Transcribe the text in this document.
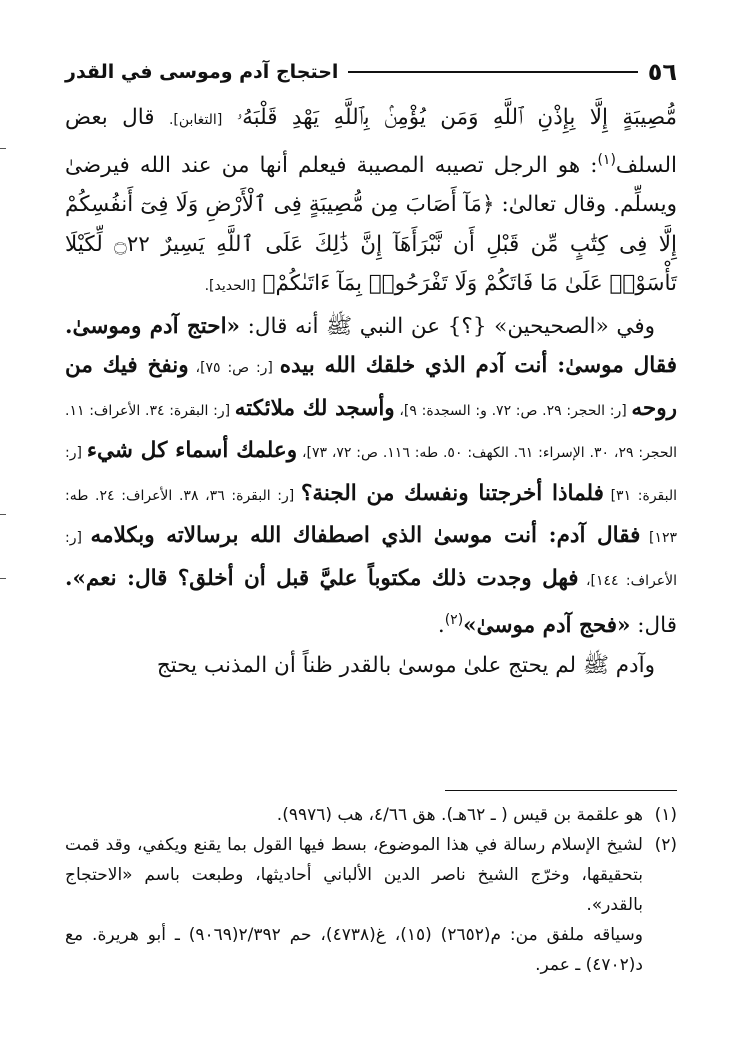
٥٦
احتجاج آدم وموسى في القدر

مُّصِيبَةٍ إِلَّا بِإِذْنِ ٱللَّهِ وَمَن يُؤْمِنۢ بِٱللَّهِ يَهْدِ قَلْبَهُۥ [التغابن]. قال بعض السلف$^{(١)}$: هو الرجل تصيبه المصيبة فيعلم أنها من عند الله فيرضىٰ ويسلِّم. وقال تعالىٰ: ﴿مَآ أَصَابَ مِن مُّصِيبَةٍ فِى ٱلْأَرْضِ وَلَا فِىٓ أَنفُسِكُمْ إِلَّا فِى كِتَٰبٍ مِّن قَبْلِ أَن نَّبْرَأَهَآ إِنَّ ذَٰلِكَ عَلَى ٱللَّهِ يَسِيرٌ ۝٢٢ لِّكَيْلَا تَأْسَوْا۟ عَلَىٰ مَا فَاتَكُمْ وَلَا تَفْرَحُوا۟ بِمَآ ءَاتَىٰكُمْ﴾ [الحديد].

وفي «الصحيحين» {؟} عن النبي ﷺ أنه قال: «احتج آدم وموسىٰ. فقال موسىٰ: أنت آدم الذي خلقك الله بيده [ر: ص: ٧٥]، ونفخ فيك من روحه [ر: الحجر: ٢٩. ص: ٧٢. و: السجدة: ٩]، وأسجد لك ملائكته [ر: البقرة: ٣٤. الأعراف: ١١. الحجر: ٢٩، ٣٠. الإسراء: ٦١. الكهف: ٥٠. طه: ١١٦. ص: ٧٢، ٧٣]، وعلمك أسماء كل شيء [ر: البقرة: ٣١] فلماذا أخرجتنا ونفسك من الجنة؟ [ر: البقرة: ٣٦، ٣٨. الأعراف: ٢٤. طه: ١٢٣] فقال آدم: أنت موسىٰ الذي اصطفاك الله برسالاته وبكلامه [ر: الأعراف: ١٤٤]، فهل وجدت ذلك مكتوباً عليَّ قبل أن أخلق؟ قال: نعم». قال: «فحج آدم موسىٰ»$^{(٢)}$.

وآدم ﷺ لم يحتج علىٰ موسىٰ بالقدر ظناً أن المذنب يحتج

(١)
هو علقمة بن قيس ( ـ ٦٢هـ). هق ٤/٦٦، هب (٩٩٧٦).
(٢)
لشيخ الإسلام رسالة في هذا الموضوع، بسط فيها القول بما يقنع ويكفي، وقد قمت بتحقيقها، وخرّج الشيخ ناصر الدين الألباني أحاديثها، وطبعت باسم «الاحتجاج بالقدر».
وسياقه ملفق من: م(٢٦٥٢) (١٥)، غ(٤٧٣٨)، حم ٢/٣٩٢(٩٠٦٩) ـ أبو هريرة. مع د(٤٧٠٢) ـ عمر.
